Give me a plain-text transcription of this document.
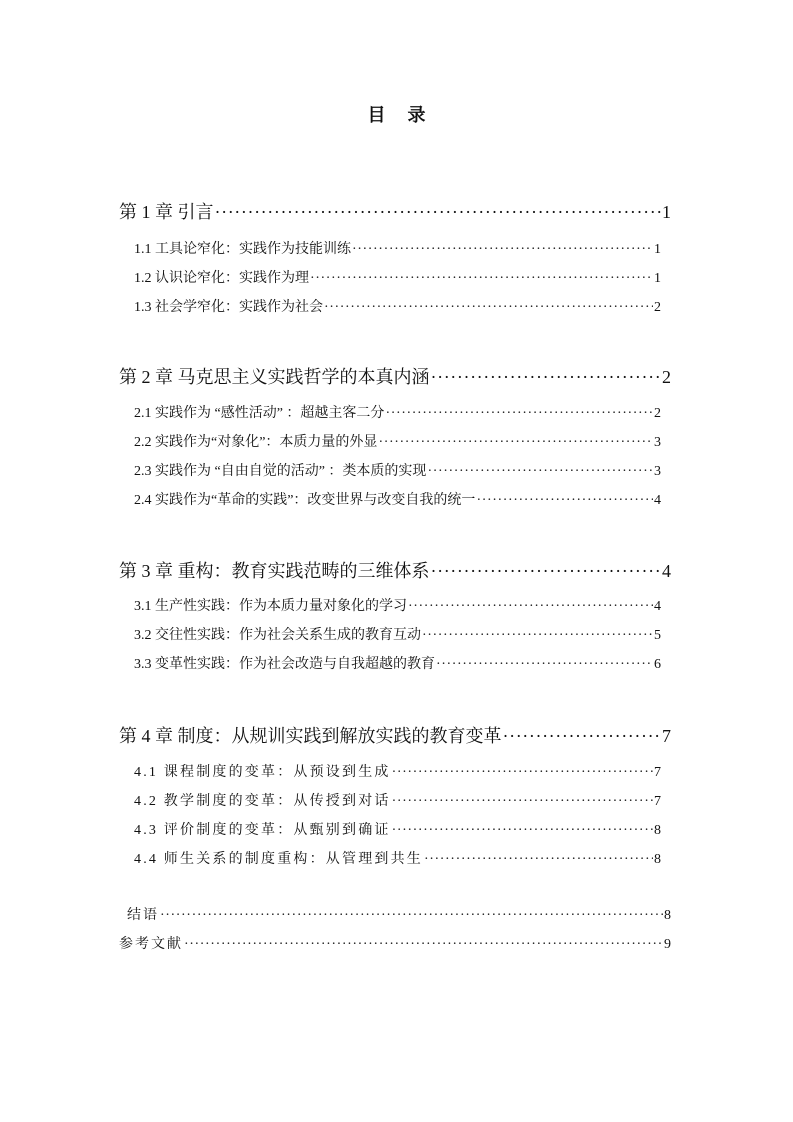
目 录
第 1 章 引言 ·····	1
1.1 工具论窄化：实践作为技能训练 ·····	1
1.2 认识论窄化：实践作为理 ·····	1
1.3 社会学窄化：实践作为社会 ·····	2
第 2 章 马克思主义实践哲学的本真内涵 ·····	2
2.1 实践作为 “感性活动” ：超越主客二分 ·····	2
2.2 实践作为“对象化”：本质力量的外显 ·····	3
2.3 实践作为 “自由自觉的活动” ：类本质的实现 ·····	3
2.4 实践作为“革命的实践”：改变世界与改变自我的统一 ·····	4
第 3 章 重构：教育实践范畴的三维体系 ·····	4
3.1 生产性实践：作为本质力量对象化的学习 ·····	4
3.2 交往性实践：作为社会关系生成的教育互动 ·····	5
3.3 变革性实践：作为社会改造与自我超越的教育 ·····	6
第 4 章 制度：从规训实践到解放实践的教育变革 ·····	7
4.1 课程制度的变革：从预设到生成 ·····	7
4.2 教学制度的变革：从传授到对话 ·····	7
4.3 评价制度的变革：从甄别到确证 ·····	8
4.4 师生关系的制度重构：从管理到共生 ·····	8
结语 ·····	8
参考文献 ·····	9
